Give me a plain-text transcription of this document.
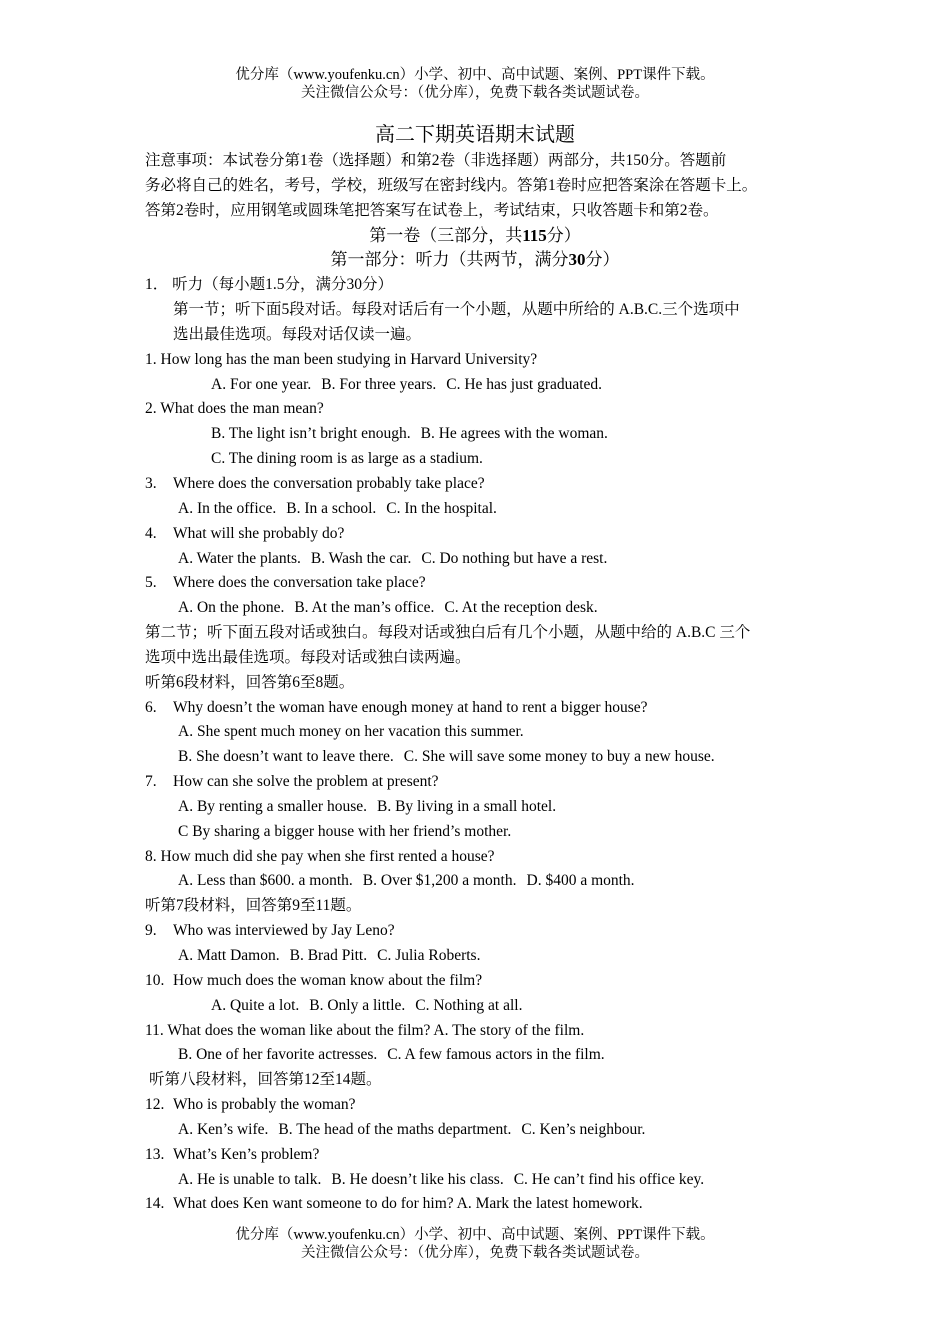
优分库（www.youfenku.cn）小学、初中、高中试题、案例、PPT课件下载。
关注微信公众号：（优分库），免费下载各类试题试卷。
高二下期英语期末试题
注意事项：本试卷分第1卷（选择题）和第2卷（非选择题）两部分，共150分。答题前
务必将自己的姓名，考号，学校，班级写在密封线内。答第1卷时应把答案涂在答题卡上。
答第2卷时，应用钢笔或圆珠笔把答案写在试卷上，考试结束，只收答题卡和第2卷。
第一卷（三部分，共115分）
第一部分：听力（共两节，满分30分）
1． 听力（每小题1.5分，满分30分）
第一节；听下面5段对话。每段对话后有一个小题，从题中所给的 A.B.C.三个选项中
选出最佳选项。每段对话仅读一遍。
1. How long has the man been studying in Harvard University?
A. For one year. B. For three years. C. He has just graduated.
2. What does the man mean?
B. The light isn’t bright enough. B. He agrees with the woman.
C. The dining room is as large as a stadium.
3. Where does the conversation probably take place?
A. In the office. B. In a school. C. In the hospital.
4. What will she probably do?
A. Water the plants. B. Wash the car. C. Do nothing but have a rest.
5. Where does the conversation take place?
A. On the phone. B. At the man’s office. C. At the reception desk.
第二节；听下面五段对话或独白。每段对话或独白后有几个小题，从题中给的 A.B.C 三个
选项中选出最佳选项。每段对话或独白读两遍。
听第6段材料，回答第6至8题。
6. Why doesn’t the woman have enough money at hand to rent a bigger house?
A. She spent much money on her vacation this summer.
B. She doesn’t want to leave there. C. She will save some money to buy a new house.
7. How can she solve the problem at present?
A. By renting a smaller house. B. By living in a small hotel.
C By sharing a bigger house with her friend’s mother.
8. How much did she pay when she first rented a house?
A. Less than $600. a month. B. Over $1,200 a month. D. $400 a month.
听第7段材料，回答第9至11题。
9. Who was interviewed by Jay Leno?
A. Matt Damon. B. Brad Pitt. C. Julia Roberts.
10. How much does the woman know about the film?
A. Quite a lot. B. Only a little. C. Nothing at all.
11. What does the woman like about the film? A. The story of the film.
B. One of her favorite actresses. C. A few famous actors in the film.
听第八段材料，回答第12至14题。
12. Who is probably the woman?
A. Ken’s wife. B. The head of the maths department. C. Ken’s neighbour.
13. What’s Ken’s problem?
A. He is unable to talk. B. He doesn’t like his class. C. He can’t find his office key.
14. What does Ken want someone to do for him? A. Mark the latest homework.
优分库（www.youfenku.cn）小学、初中、高中试题、案例、PPT课件下载。
关注微信公众号：（优分库），免费下载各类试题试卷。
